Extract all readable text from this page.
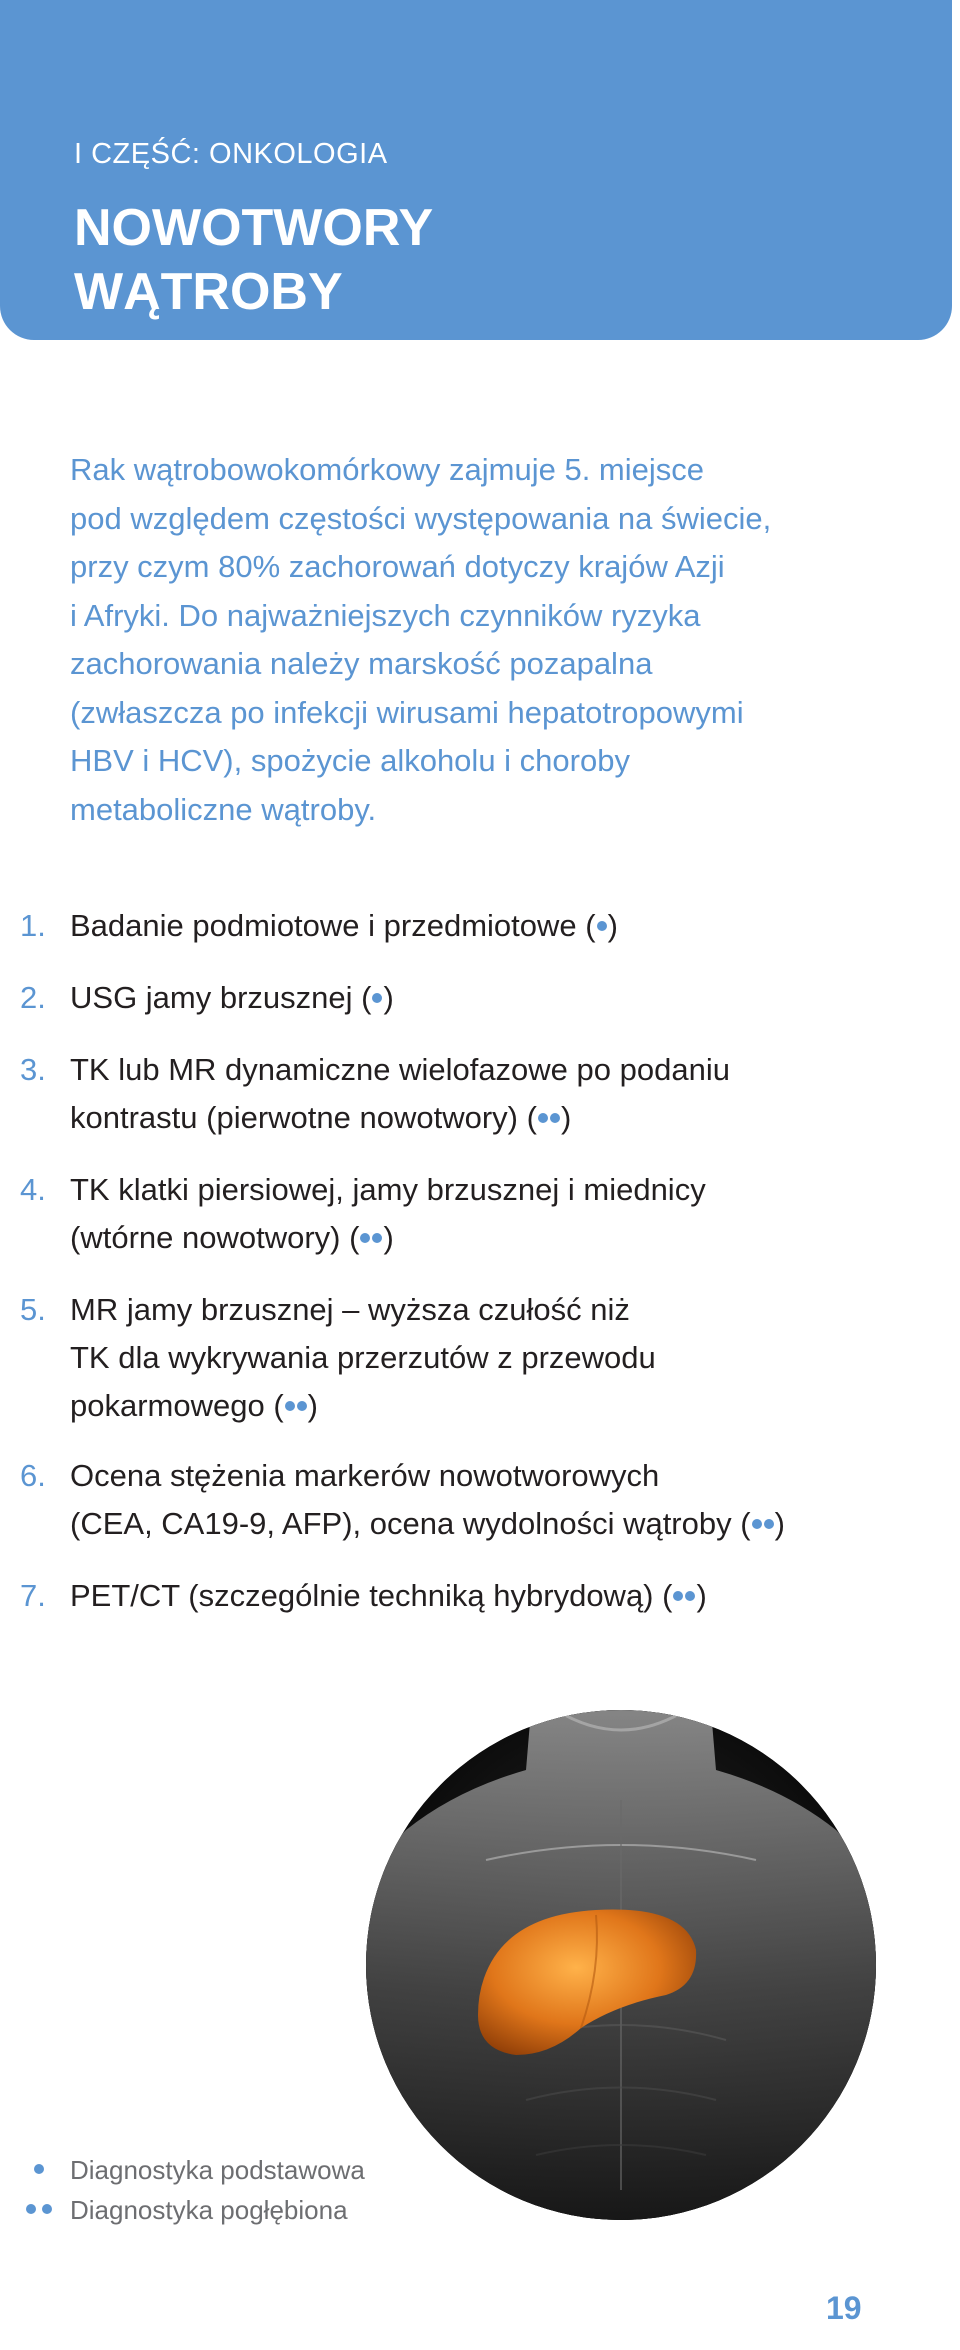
I CZĘŚĆ: ONKOLOGIA
NOWOTWORY
WĄTROBY

Rak wątrobowokomórkowy zajmuje 5. miejsce
pod względem częstości występowania na świecie,
przy czym 80% zachorowań dotyczy krajów Azji
i Afryki. Do najważniejszych czynników ryzyka
zachorowania należy marskość pozapalna
(zwłaszcza po infekcji wirusami hepatotropowymi
HBV i HCV), spożycie alkoholu i choroby
metaboliczne wątroby.

1. Badanie podmiotowe i przedmiotowe ( )
2. USG jamy brzusznej ( )
3. TK lub MR dynamiczne wielofazowe po podaniu
kontrastu (pierwotne nowotwory) ( )
4. TK klatki piersiowej, jamy brzusznej i miednicy
(wtórne nowotwory) ( )
5. MR jamy brzusznej – wyższa czułość niż
TK dla wykrywania przerzutów z przewodu
pokarmowego ( )
6. Ocena stężenia markerów nowotworowych
(CEA, CA19-9, AFP), ocena wydolności wątroby ( )
7. PET/CT (szczególnie techniką hybrydową) ( )
Diagnostyka podstawowa
Diagnostyka pogłębiona
19
